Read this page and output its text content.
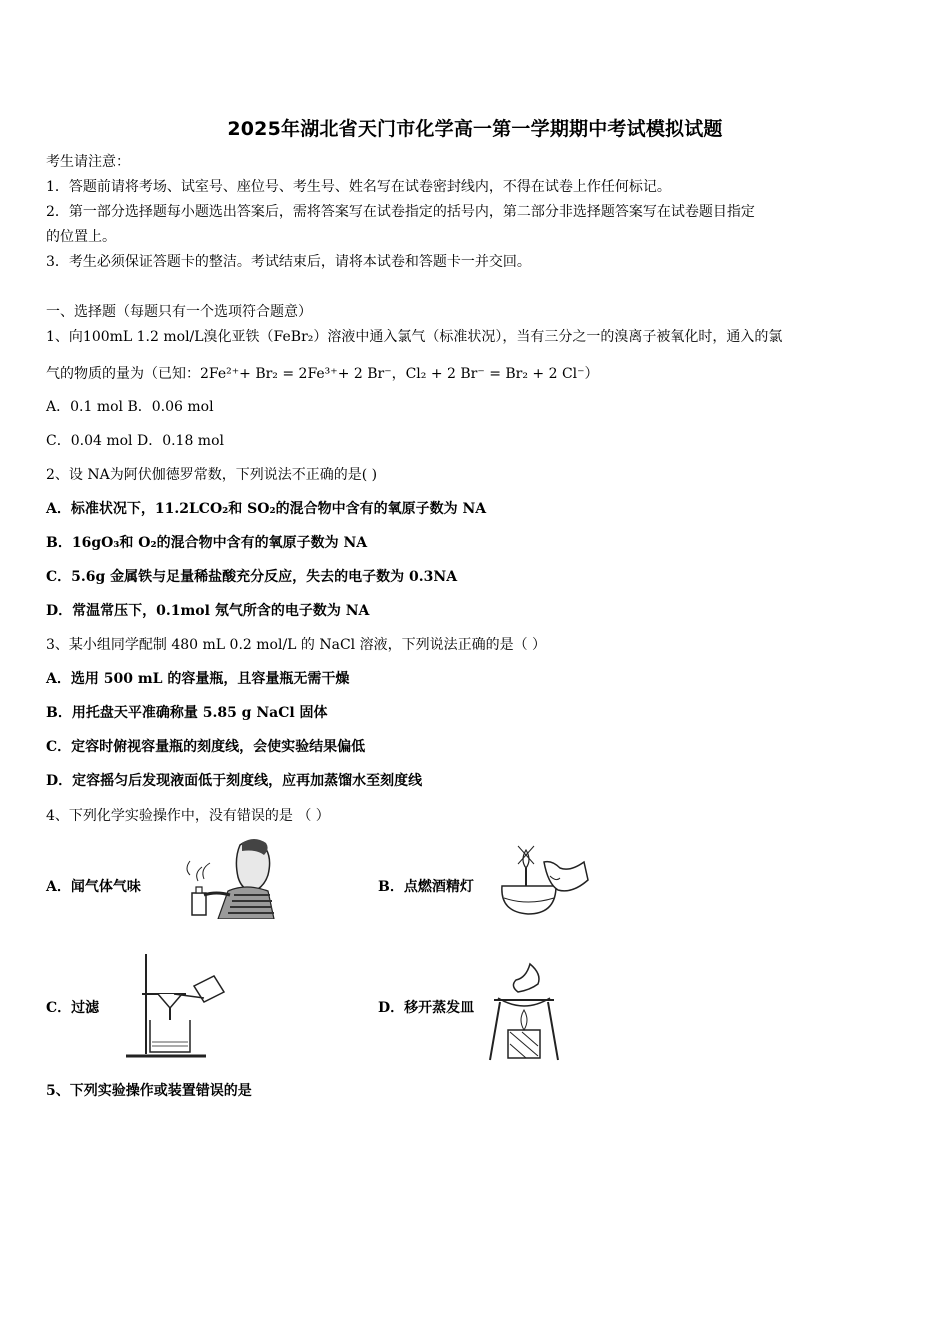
2025年湖北省天门市化学高一第一学期期中考试模拟试题
考生请注意：
1．答题前请将考场、试室号、座位号、考生号、姓名写在试卷密封线内，不得在试卷上作任何标记。
2．第一部分选择题每小题选出答案后，需将答案写在试卷指定的括号内，第二部分非选择题答案写在试卷题目指定
的位置上。
3．考生必须保证答题卡的整洁。考试结束后，请将本试卷和答题卡一并交回。
一、选择题（每题只有一个选项符合题意）
1、向100mL 1.2 mol/L溴化亚铁（FeBr₂）溶液中通入氯气（标准状况），当有三分之一的溴离子被氧化时，通入的氯
气的物质的量为（已知：2Fe²⁺+ Br₂ = 2Fe³⁺+ 2 Br⁻，Cl₂ + 2 Br⁻ = Br₂ + 2 Cl⁻）
A．0.1 mol B．0.06 mol
C．0.04 mol D．0.18 mol
2、设 NA为阿伏伽德罗常数，下列说法不正确的是( )
A．标准状况下，11.2LCO₂和 SO₂的混合物中含有的氧原子数为 NA
B．16gO₃和 O₂的混合物中含有的氧原子数为 NA
C．5.6g 金属铁与足量稀盐酸充分反应，失去的电子数为 0.3NA
D．常温常压下，0.1mol 氖气所含的电子数为 NA
3、某小组同学配制 480 mL 0.2 mol/L 的 NaCl 溶液，下列说法正确的是（ ）
A．选用 500 mL 的容量瓶，且容量瓶无需干燥
B．用托盘天平准确称量 5.85 g NaCl 固体
C．定容时俯视容量瓶的刻度线，会使实验结果偏低
D．定容摇匀后发现液面低于刻度线，应再加蒸馏水至刻度线
4、下列化学实验操作中，没有错误的是 （ ）
A．闻气体气味	B．点燃酒精灯
C．过滤	D．移开蒸发皿
5、下列实验操作或装置错误的是
